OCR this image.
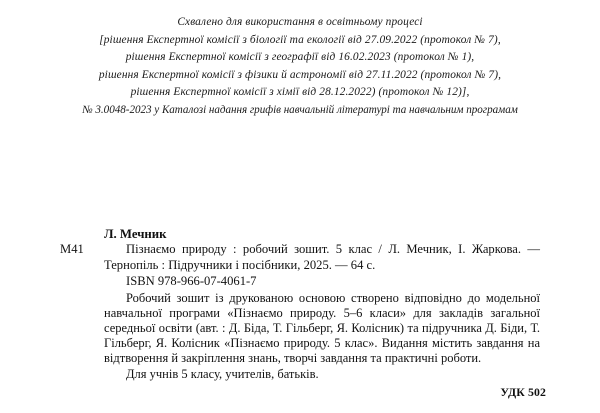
Схвалено для використання в освітньому процесі
[рішення Експертної комісії з біології та екології від 27.09.2022 (протокол № 7),
рішення Експертної комісії з географії від 16.02.2023 (протокол № 1),
рішення Експертної комісії з фізики й астрономії від 27.11.2022 (протокол № 7),
рішення Експертної комісії з хімії від 28.12.2022) (протокол № 12)],
№ 3.0048-2023 у Каталозі надання грифів навчальній літературі та навчальним програмам
М41

Л. Мечник

Пізнаємо природу : робочий зошит. 5 клас / Л. Мечник, І. Жаркова. — Тернопіль : Підручники і посібники, 2025. — 64 с.

ISBN 978-966-07-4061-7

Робочий зошит із друкованою основою створено відповідно до модельної навчальної програми «Пізнаємо природу. 5–6 класи» для закладів загальної середньої освіти (авт. : Д. Біда, Т. Гільберг, Я. Колісник) та підручника Д. Біди, Т. Гільберг, Я. Колісник «Пізнаємо природу. 5 клас». Видання містить завдання на відтворення й закріплення знань, творчі завдання та практичні роботи.

Для учнів 5 класу, учителів, батьків.

УДК 502
